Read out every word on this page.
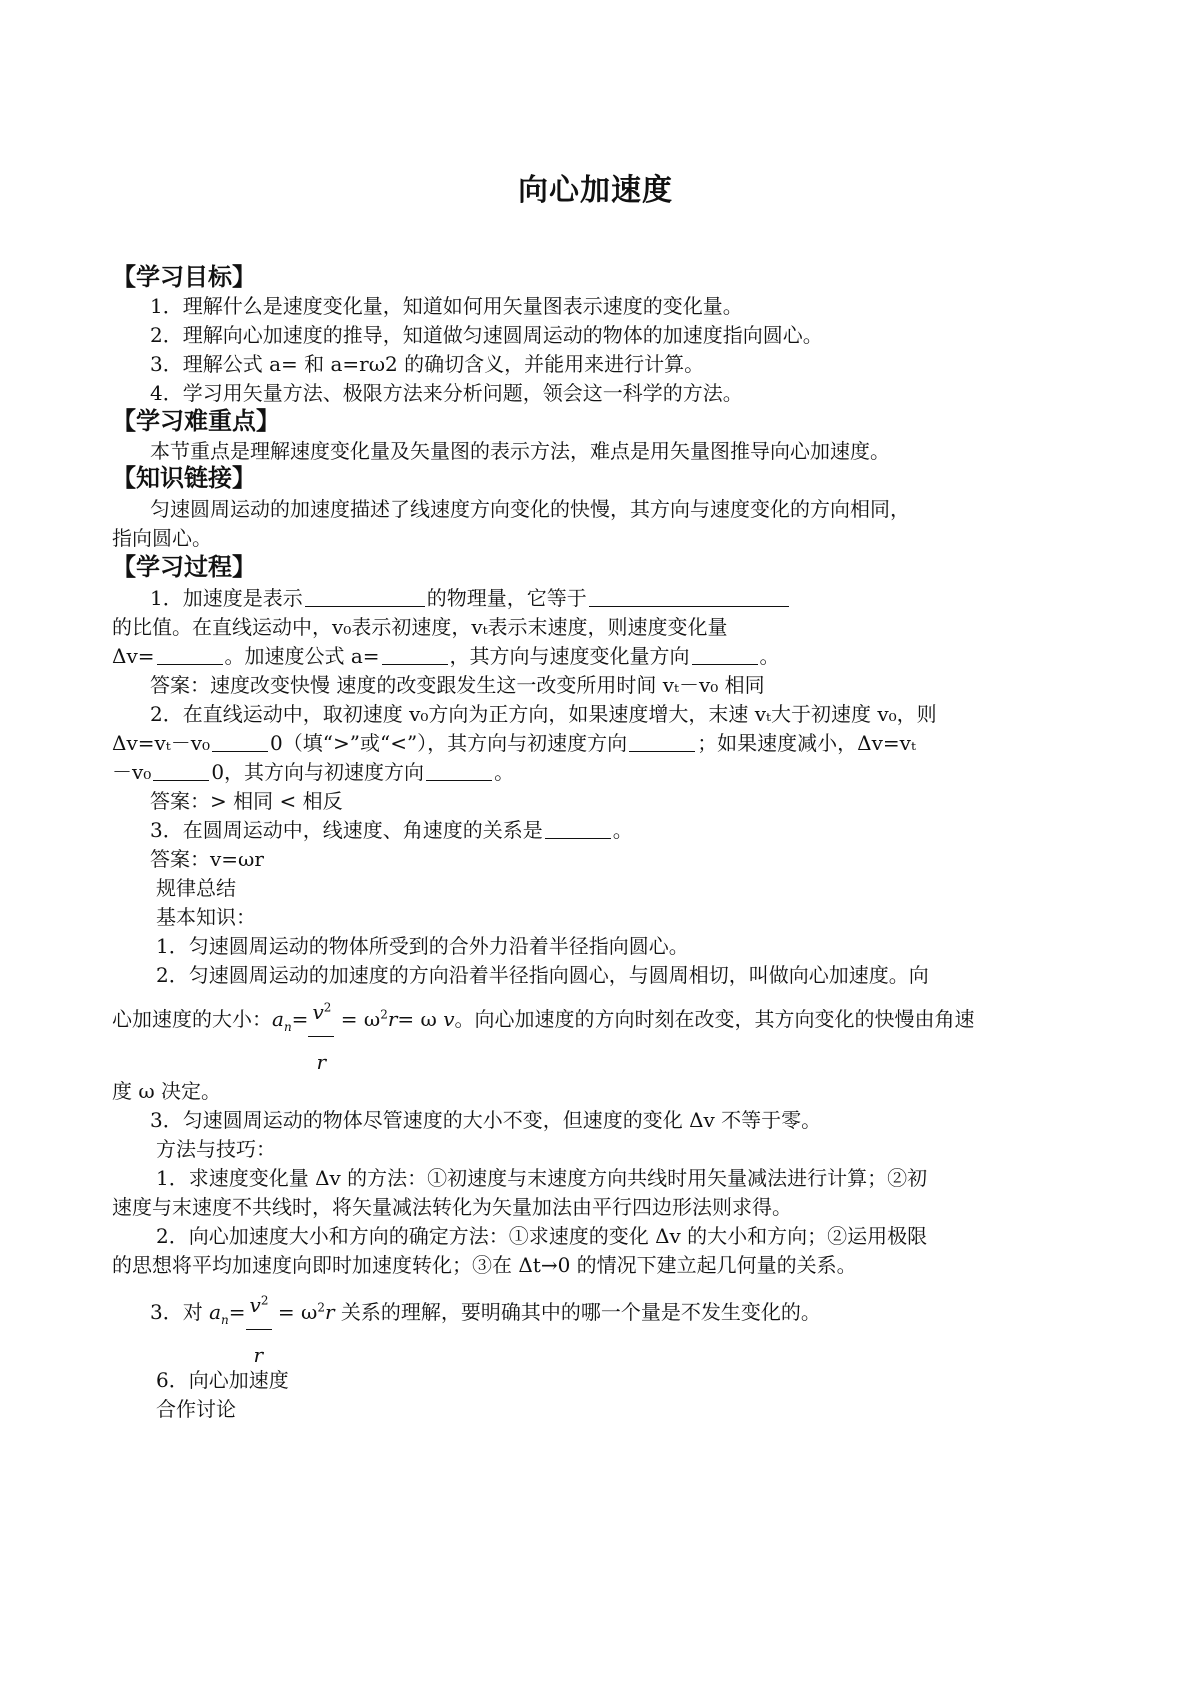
向心加速度
【学习目标】
1．理解什么是速度变化量，知道如何用矢量图表示速度的变化量。
2．理解向心加速度的推导，知道做匀速圆周运动的物体的加速度指向圆心。
3．理解公式 a= 和 a=rω2 的确切含义，并能用来进行计算。
4．学习用矢量方法、极限方法来分析问题，领会这一科学的方法。
【学习难重点】
本节重点是理解速度变化量及矢量图的表示方法，难点是用矢量图推导向心加速度。
【知识链接】
匀速圆周运动的加速度描述了线速度方向变化的快慢，其方向与速度变化的方向相同，
指向圆心。
【学习过程】
1．加速度是表示	的物理量，它等于
的比值。在直线运动中，v₀表示初速度，vₜ表示末速度，则速度变化量
Δv=	。加速度公式 a=	，其方向与速度变化量方向	。
答案：速度改变快慢 速度的改变跟发生这一改变所用时间 vₜ－v₀ 相同
2．在直线运动中，取初速度 v₀方向为正方向，如果速度增大，末速 vₜ大于初速度 v₀，则
Δv=vₜ－v₀	0（填“>”或“<”），其方向与初速度方向	；如果速度减小，Δv=vₜ
－v₀	0，其方向与初速度方向	。
答案：> 相同 < 相反
3．在圆周运动中，线速度、角速度的关系是	。
答案：v=ωr
规律总结
基本知识：
1．匀速圆周运动的物体所受到的合外力沿着半径指向圆心。
2．匀速圆周运动的加速度的方向沿着半径指向圆心，与圆周相切，叫做向心加速度。向
心加速度的大小：$a_n= \frac{v^2}{r} = \omega^2r= \omega$ v。向心加速度的方向时刻在改变，其方向变化的快慢由角速
度 ω 决定。
3．匀速圆周运动的物体尽管速度的大小不变，但速度的变化 Δv 不等于零。
方法与技巧：
1．求速度变化量 Δv 的方法：①初速度与末速度方向共线时用矢量减法进行计算；②初
速度与末速度不共线时，将矢量减法转化为矢量加法由平行四边形法则求得。
2．向心加速度大小和方向的确定方法：①求速度的变化 Δv 的大小和方向；②运用极限
的思想将平均加速度向即时加速度转化；③在 Δt→0 的情况下建立起几何量的关系。
3．对 $a_n= \frac{v^2}{r} = \omega^2r$ 关系的理解，要明确其中的哪一个量是不发生变化的。
6．向心加速度
合作讨论
